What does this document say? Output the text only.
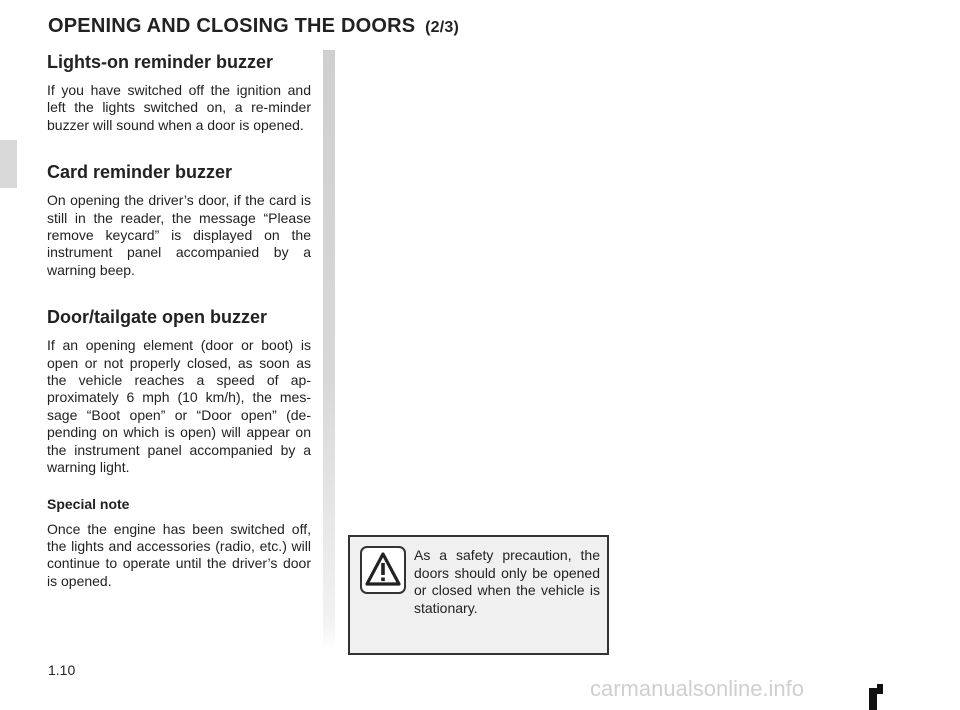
OPENING AND CLOSING THE DOORS (2/3)
Lights-on reminder buzzer

If you have switched off the ignition and left the lights switched on, a re-minder buzzer will sound when a door is opened.

Card reminder buzzer

On opening the driver’s door, if the card is still in the reader, the message “Please remove keycard” is displayed on the instrument panel accompanied by a warning beep.

Door/tailgate open buzzer

If an opening element (door or boot) is open or not properly closed, as soon as the vehicle reaches a speed of ap-proximately 6 mph (10 km/h), the mes-sage “Boot open” or “Door open” (de-pending on which is open) will appear on the instrument panel accompanied by a warning light.

Special note

Once the engine has been switched off, the lights and accessories (radio, etc.) will continue to operate until the driver’s door is opened.

As a safety precaution, the doors should only be opened or closed when the vehicle is stationary.

1.10
carmanualsonline.info
